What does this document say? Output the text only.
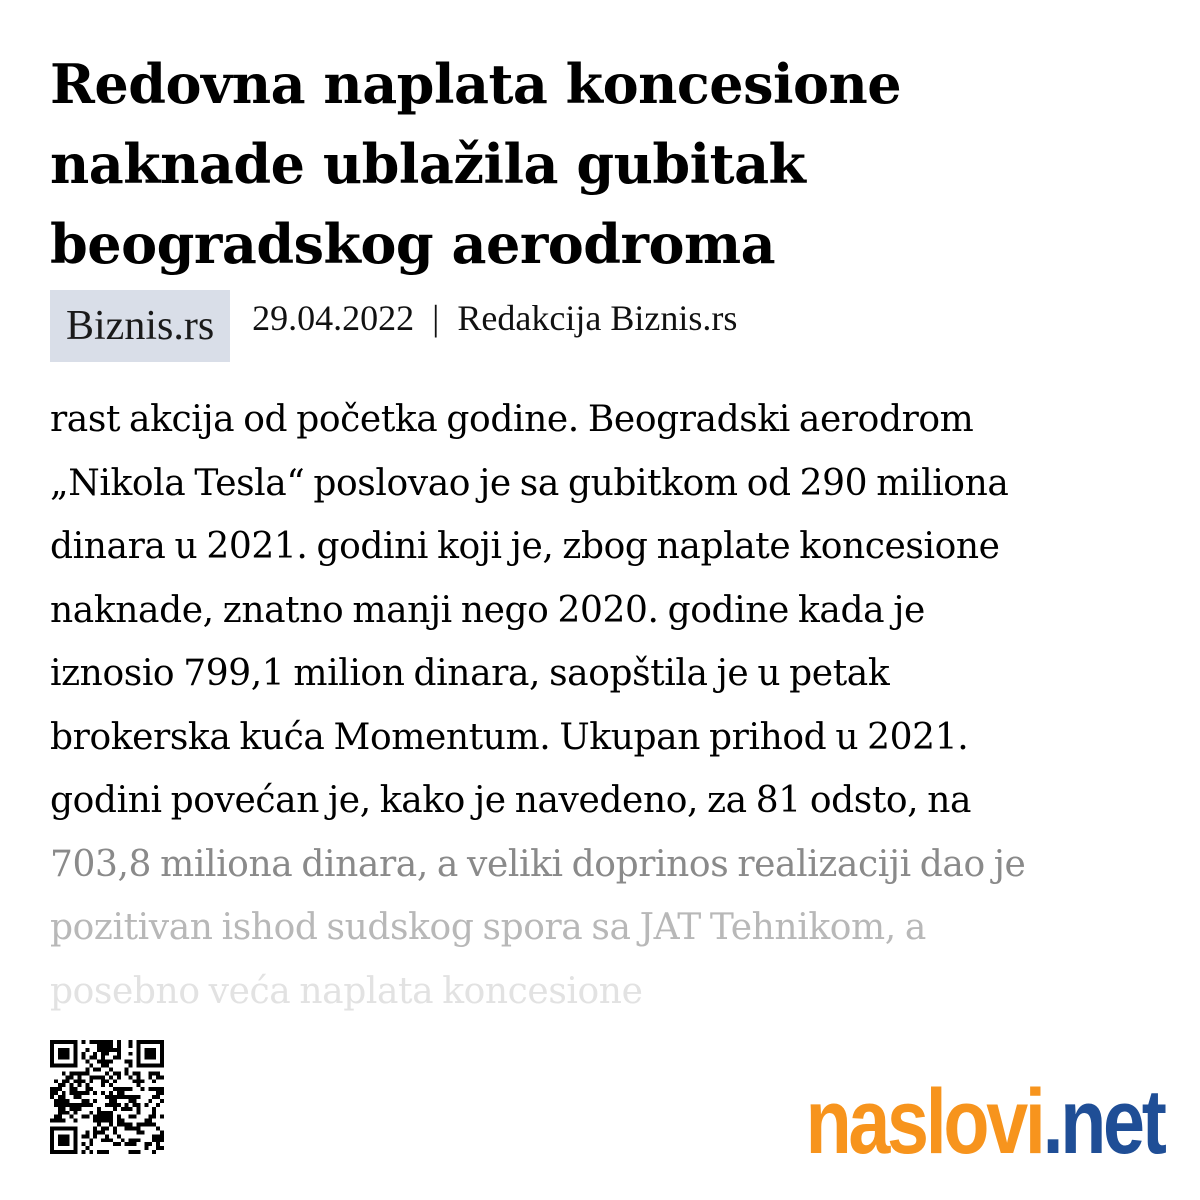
Redovna naplata koncesione naknade ublažila gubitak beogradskog aerodroma
Biznis.rs	29.04.2022 | Redakcija Biznis.rs
rast akcija od početka godine. Beogradski aerodrom
„Nikola Tesla“ poslovao je sa gubitkom od 290 miliona
dinara u 2021. godini koji je, zbog naplate koncesione
naknade, znatno manji nego 2020. godine kada je
iznosio 799,1 milion dinara, saopštila je u petak
brokerska kuća Momentum. Ukupan prihod u 2021.
godini povećan je, kako je navedeno, za 81 odsto, na
703,8 miliona dinara, a veliki doprinos realizaciji dao je
pozitivan ishod sudskog spora sa JAT Tehnikom, a
posebno veća naplata koncesione
naslovi .net
